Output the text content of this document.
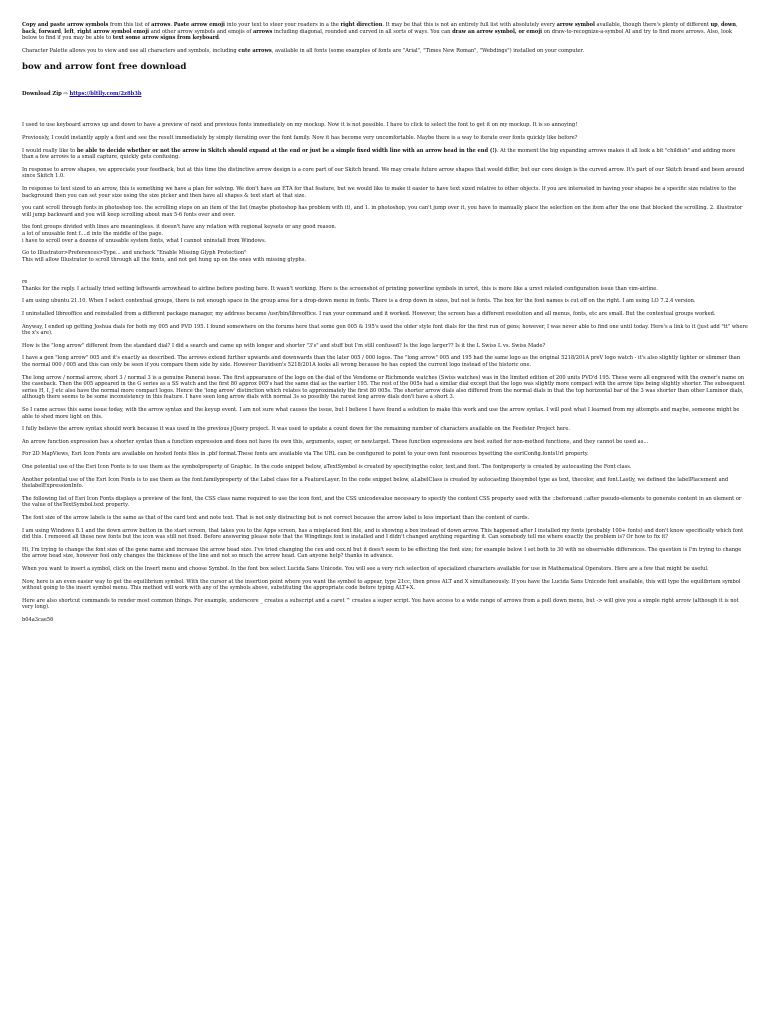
Copy and paste arrow symbols from this list of arrows. Paste arrow emoji into your text to steer your readers in a the right direction. It may be that this is not an entirely full list with absolutely every arrow symbol available, though there's plenty of different up, down, back, forward, left, right arrow symbol emoji and other arrow symbols and emojis of arrows including diagonal, rounded and curved in all sorts of ways. You can draw an arrow symbol, or emoji on draw-to-recognize-a-symbol AI and try to find more arrows. Also, look below to find if you may be able to text some arrow signs from keyboard.

Character Palette allows you to view and use all characters and symbols, including cute arrows, available in all fonts (some examples of fonts are "Arial", "Times New Roman", "Webdings") installed on your computer.

bow and arrow font free download
Download Zip ⇨ https://bltlly.com/2z8b3b

I used to use keyboard arrows up and down to have a preview of next and previous fonts immediately on my mockup. Now it is not possible. I have to click to select the font to get it on my mockup. It is so annoying!

Previously, I could instantly apply a font and see the result immediately by simply iterating over the font family. Now it has become very uncomfortable. Maybe there is a way to iterate over fonts quickly like before?

I would really like to be able to decide whether or not the arrow in Skitch should expand at the end or just be a simple fixed width line with an arrow head in the end (!). At the moment the big expanding arrows makes it all look a bit "childish" and adding more than a few arrows to a small capture, quickly gets confusing.

In response to arrow shapes, we appreciate your feedback, but at this time the distinctive arrow design is a core part of our Skitch brand. We may create future arrow shapes that would differ, but our core design is the curved arrow. It's part of our Skitch brand and been around since Skitch 1.0.

In response to text sized to an arrow, this is something we have a plan for solving. We don't have an ETA for that feature, but we would like to make it easier to have text sized relative to other objects. If you are interested in having your shapes be a specific size relative to the background then you can set your size using the size picker and then have all shapes & text start at that size.

you cant scroll through fonts in photoshop too. the scrolling stops on an item of the list (maybe photoshop has problem with it), and 1. in photoshop, you can't jump over it, you have to manually place the selection on the item after the one that blocked the scrolling. 2. illustrator will jump backward and you will keep scrolling about max 5-6 fonts over and over.

the font groups divided with lines are meaningless. it doesn't have any relation with regional keysets or any good reason.

a lot of unusable font f....d into the middle of the page.

i have to scroll over a dozens of unusable system fonts, what I cannot uninstall from Windows.

Go to Illustrator>Preferences>Type... and uncheck "Enable Missing Glyph Protection"

This will allow Illustrator to scroll through all the fonts, and not get hung up on the ones with missing glyphs.

re

Thanks for the reply. I actually tried setting leftwards arrowhead to airline before posting here. It wasn't working. Here is the screenshot of printing powerline symbols in urxvt, this is more like a urxvt related configuration issue than vim-airline.

I am using ubuntu 21.10. When I select contextual groups, there is not enough space in the group area for a drop-down menu in fonts. There is a drop down in sizes, but not is fonts. The box for the font names is cut off on the right. I am using LO 7.2.4 version.

I uninstalled libreoffice and reinstalled from a different package manager, my address became /usr/bin/libreoffice. I ran your command and it worked. However, the screen has a different resolution and all menus, fonts, etc are small. But the contextual groups worked.

Anyway, I ended up getting Joshua dials for both my 005 and PVD 195. I found somewhere on the forums here that some gen 005 & 195's used the older style font dials for the first run of gens; however, I was never able to find one until today. Here's a link to it (just add "tt" where the x's are).

How is the "long arrow" different from the standard dial? I did a search and came up with longer and shorter "3's" and stuff but I'm still confused? Is the logo larger?? Is it the L Swiss L vs. Swiss Made?

I have a gen "long arrow" 005 and it's exactly as described. The arrows extend further upwards and downwards than the later 005 / 000 logos. The "long arrow" 005 and 195 had the same logo as the original 5218/201A preV logo watch - it's also slightly lighter or slimmer than the normal 000 / 005 and this can only be seen if you compare them side by side. However Davidsen's 5218/201A looks all wrong because he has copied the current logo instead of the historic one.

The long arrow / normal arrow, short 3 / normal 3 is a genuine Panerai issue. The first appearance of the logo on the dial of the Vendome or Richmonde watches (Swiss watches) was in the limited edition of 200 units PVD'd 195. These were all engraved with the owner's name on the caseback. Then the 005 appeared in the G series as a SS watch and the first 80 approx 005's had the same dial as the earlier 195. The rest of the 005s had a similar dial except that the logo was slightly more compact with the arrow tips being slightly shorter. The subsequent series H, I, J etc also have the normal more compact logos. Hence the 'long arrow' distinction which relates to approximately the first 80 005s. The shorter arrow dials also differed from the normal dials in that the top horizontal bar of the 3 was shorter than other Luminor dials, although there seems to be some inconsistency in this feature. I have seen long arrow dials with normal 3s so possibly the rarest long arrow dials don't have a short 3.

So I came across this same issue today, with the arrow syntax and the keyup event. I am not sure what causes the issue, but I believe I have found a solution to make this work and use the arrow syntax. I will post what I learned from my attempts and maybe, someone might be able to shed more light on this.

I fully believe the arrow syntax should work because it was used in the previous jQuery project. It was used to update a count down for the remaining number of characters available on the Feedster Project here.

An arrow function expression has a shorter syntax than a function expression and does not have its own this, arguments, super, or new.target. These function expressions are best suited for non-method functions, and they cannot be used as...

For 2D MapViews, Esri Icon Fonts are available on hosted fonts files in .pbf format.These fonts are available via The URL can be configured to point to your own font resources bysetting the esriConfig.fontsUrl property.

One potential use of the Esri Icon Fonts is to use them as the symbolproperty of Graphic. In the code snippet below, aTextSymbol is created by specifyingthe color, text,and font. The fontproperty is created by autocasting the Font class.

Another potential use of the Esri Icon Fonts is to use them as the font.familyproperty of the Label class for a FeatureLayer. In the code snippet below, aLabelClass is created by autocasting thesymbol type as text, thecolor, and font.Lastly, we defined the labelPlacement and thelabelExpressionInfo.

The following list of Esri Icon Fonts displays a preview of the font, the CSS class name required to use the icon font, and the CSS unicodevalue necessary to specify the content CSS property used with the ::beforeand ::after pseudo-elements to generate content in an element or the value of theTextSymbol.text property.

The font size of the arrow labels is the same as that of the card text and note text. That is not only distracting but is not correct because the arrow label is less important than the content of cards.

I am using Windows 8.1 and the down arrow button in the start screen, that takes you to the Apps screen, has a misplaced font file, and is showing a box instead of down arrow. This happened after I installed my fonts (probably 100+ fonts) and don't know specifically which font did this. I removed all these new fonts but the icon was still not fixed. Before answering please note that the Wingdings font is installed and I didn't changed anything regarding it. Can somebody tell me where exactly the problem is? Or how to fix it?

Hi, I'm trying to change the font size of the gene name and increase the arrow head size. I've tried changing the cex and cex.nl but it does't seem to be effecting the font size; for example below I set both to 30 with no observable differences. The question is I'm trying to change the arrow head size, however feel only changes the thickness of the line and not so much the arrow head. Can anyone help? thanks in advance.

When you want to insert a symbol, click on the Insert menu and choose Symbol. In the font box select Lucida Sans Unicode. You will see a very rich selection of specialized characters available for use in Mathematical Operators. Here are a few that might be useful.

Now, here is an even easier way to get the equilibrium symbol. With the cursor at the insertion point where you want the symbol to appear, type 21cc, then press ALT and X simultaneously. If you have the Lucida Sans Unicode font available, this will type the equilibrium symbol without going to the insert symbol menu. This method will work with any of the symbols above, substituting the appropriate code before typing ALT+X.

Here are also shortcut commands to render most common things. For example, underscore _ creates a subscript and a caret ^ creates a super script. You have access to a wide range of arrows from a pull down menu, but -> will give you a simple right arrow (although it is not very long).

b04a3cae56
